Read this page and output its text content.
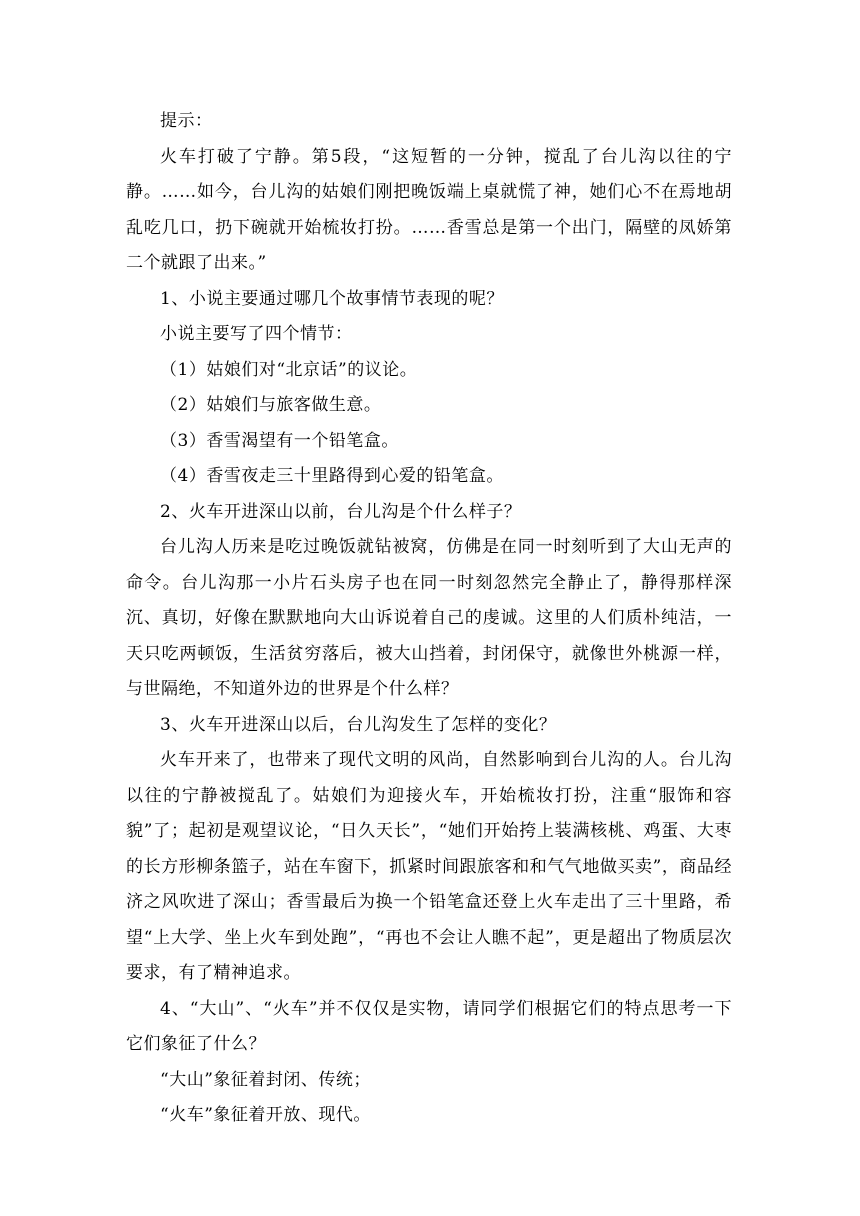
提示：

火车打破了宁静。第5段，“这短暂的一分钟，搅乱了台儿沟以往的宁静。……如今，台儿沟的姑娘们刚把晚饭端上桌就慌了神，她们心不在焉地胡乱吃几口，扔下碗就开始梳妆打扮。……香雪总是第一个出门，隔壁的凤娇第二个就跟了出来。”

1、小说主要通过哪几个故事情节表现的呢？

小说主要写了四个情节：

（1）姑娘们对“北京话”的议论。

（2）姑娘们与旅客做生意。

（3）香雪渴望有一个铅笔盒。

（4）香雪夜走三十里路得到心爱的铅笔盒。

2、火车开进深山以前，台儿沟是个什么样子？

台儿沟人历来是吃过晚饭就钻被窝，仿佛是在同一时刻听到了大山无声的命令。台儿沟那一小片石头房子也在同一时刻忽然完全静止了，静得那样深沉、真切，好像在默默地向大山诉说着自己的虔诚。这里的人们质朴纯洁，一天只吃两顿饭，生活贫穷落后，被大山挡着，封闭保守，就像世外桃源一样，与世隔绝，不知道外边的世界是个什么样？

3、火车开进深山以后，台儿沟发生了怎样的变化？

火车开来了，也带来了现代文明的风尚，自然影响到台儿沟的人。台儿沟以往的宁静被搅乱了。姑娘们为迎接火车，开始梳妆打扮，注重“服饰和容貌”了；起初是观望议论，“日久天长”，“她们开始挎上装满核桃、鸡蛋、大枣的长方形柳条篮子，站在车窗下，抓紧时间跟旅客和和气气地做买卖”，商品经济之风吹进了深山；香雪最后为换一个铅笔盒还登上火车走出了三十里路，希望“上大学、坐上火车到处跑”，“再也不会让人瞧不起”，更是超出了物质层次要求，有了精神追求。

4、“大山”、“火车”并不仅仅是实物，请同学们根据它们的特点思考一下它们象征了什么？

“大山”象征着封闭、传统；

“火车”象征着开放、现代。
